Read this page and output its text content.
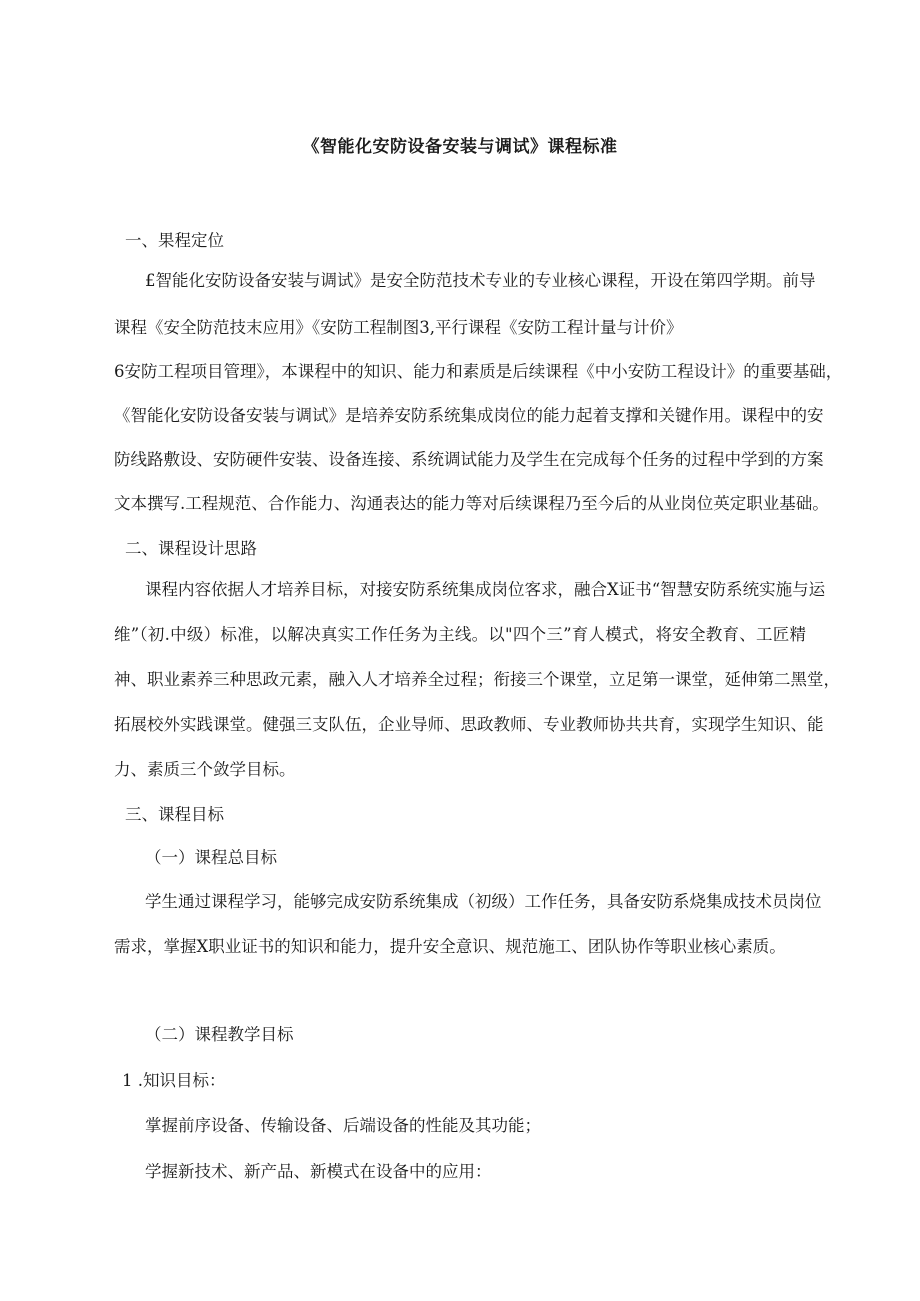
《智能化安防设备安装与调试》课程标准
一、果程定位
£智能化安防设备安装与调试》是安全防范技术专业的专业核心课程，开设在第四学期。前导
课程《安全防范技末应用》《安防工程制图3,平行课程《安防工程计量与计价》
6安防工程项目管理》，本课程中的知识、能力和素质是后续课程《中小安防工程设计》的重要基础，
《智能化安防设备安装与调试》是培养安防系统集成岗位的能力起着支撑和关键作用。课程中的安
防线路敷设、安防硬件安装、设备连接、系统调试能力及学生在完成每个任务的过程中学到的方案
文本撰写.工程规范、合作能力、沟通表达的能力等对后续课程乃至今后的从业岗位英定职业基础。
二、课程设计思路
课程内容依据人才培养目标，对接安防系统集成岗位客求，融合X证书“智慧安防系统实施与运
维”（初.中级）标准，以解决真实工作任务为主线。以"四个三”育人模式，将安全教育、工匠精
神、职业素养三种思政元素，融入人才培养全过程；衔接三个课堂，立足第一课堂，延伸第二黑堂，
拓展校外实践课堂。健强三支队伍，企业导师、思政教师、专业教师协共共育，实现学生知识、能
力、素质三个敛学目标。
三、课程目标
（一）课程总目标
学生通过课程学习，能够完成安防系统集成（初级）工作任务，具备安防系烧集成技术员岗位
需求，掌握X职业证书的知识和能力，提升安全意识、规范施工、团队协作等职业核心素质。
（二）课程教学目标
1 .知识目标：
掌握前序设备、传输设备、后端设备的性能及其功能；
学握新技术、新产品、新模式在设备中的应用：
